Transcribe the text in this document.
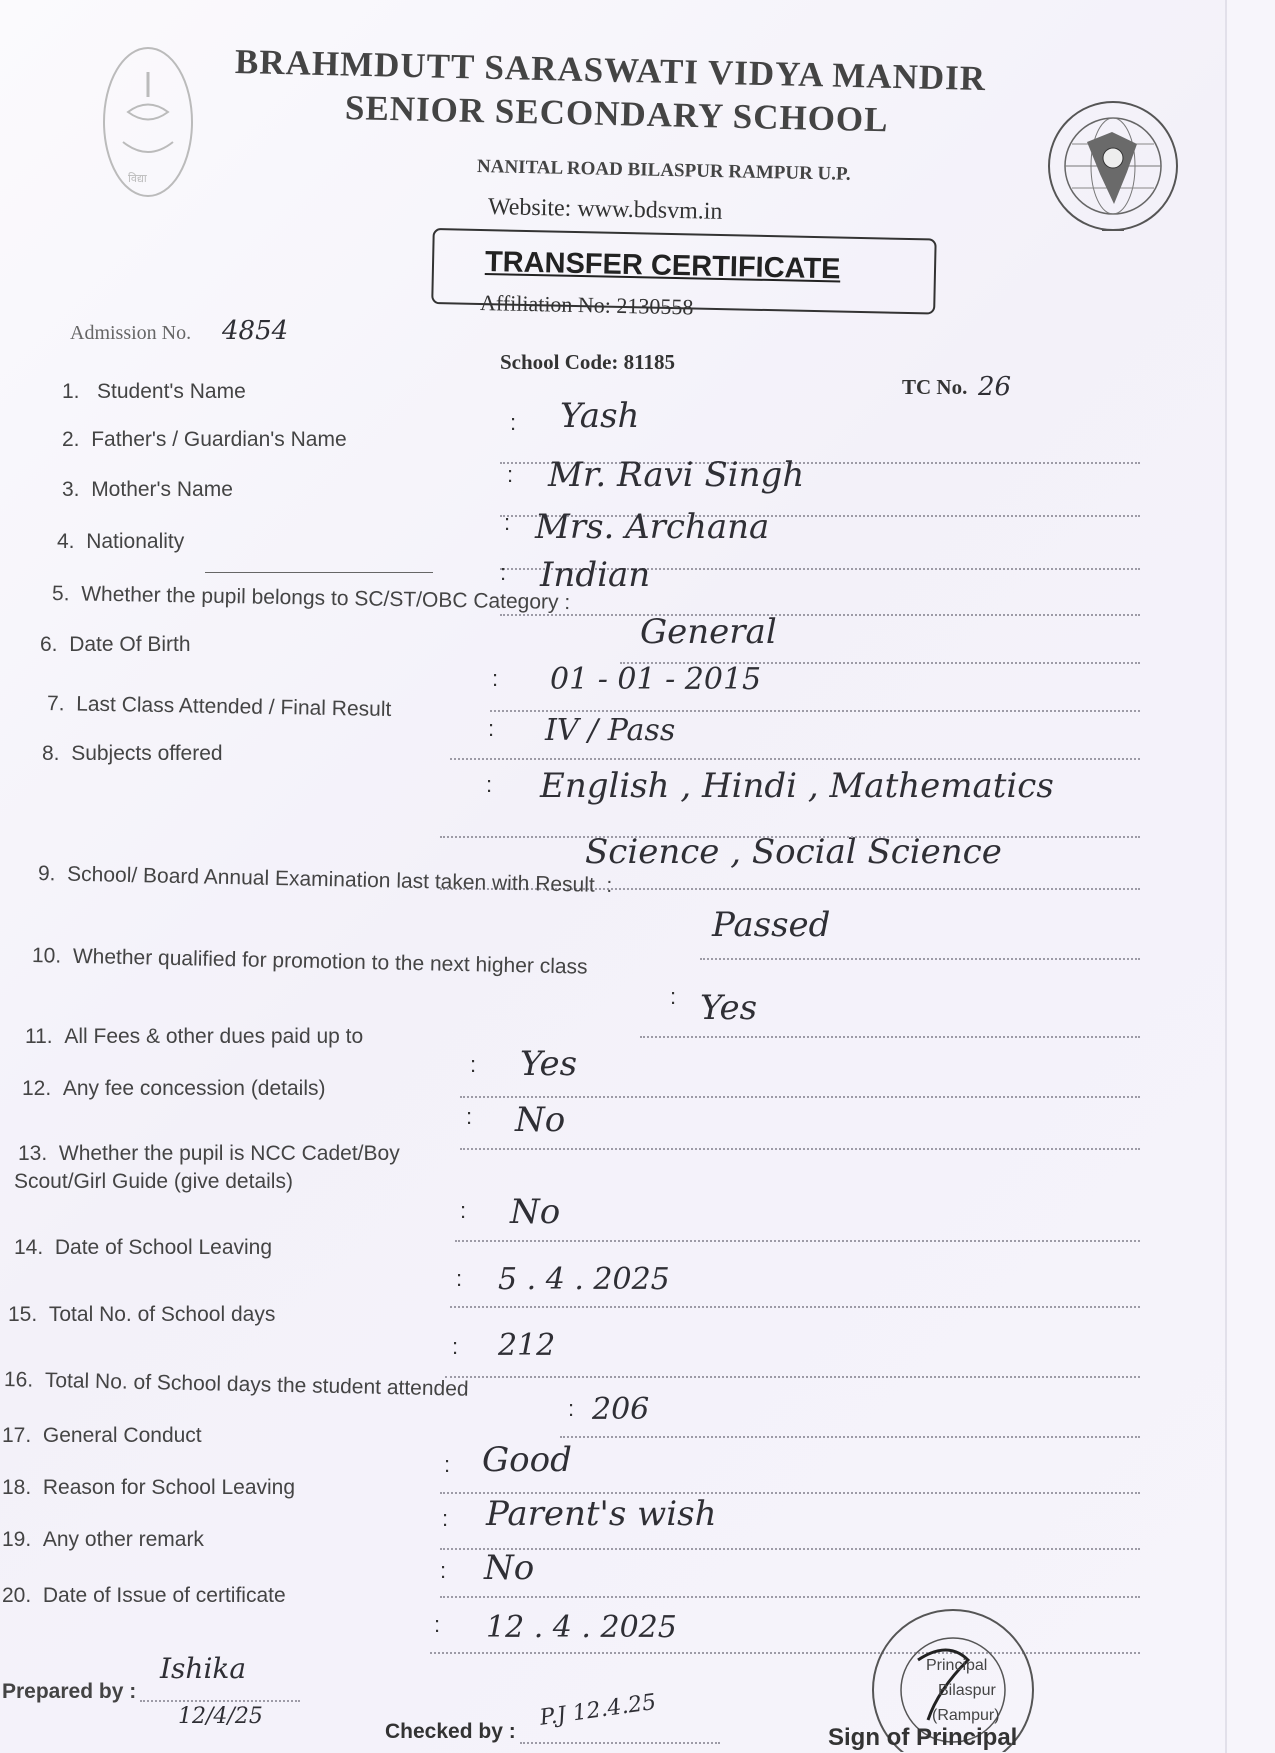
विद्या
BRAHMDUTT SARASWATI VIDYA MANDIR
SENIOR SECONDARY SCHOOL
NANITAL ROAD BILASPUR RAMPUR U.P.
Website: www.bdsvm.in
TRANSFER CERTIFICATE
Affiliation No: 2130558
Admission No. 4854
School Code: 81185
TC No. 26
1. Student's Name
: Yash
2. Father's / Guardian's Name
: Mr. Ravi Singh
3. Mother's Name
: Mrs. Archana
4. Nationality
: Indian
5. Whether the pupil belongs to SC/ST/OBC Category :
General
6. Date Of Birth
: 01 - 01 - 2015
7. Last Class Attended / Final Result
: IV / Pass
8. Subjects offered
: English , Hindi , Mathematics
Science , Social Science
9. School/ Board Annual Examination last taken with Result  :
Passed
10. Whether qualified for promotion to the next higher class
: Yes
11. All Fees & other dues paid up to
: Yes
12. Any fee concession (details)
: No
13. Whether the pupil is NCC Cadet/Boy
Scout/Girl Guide (give details)
: No
14. Date of School Leaving
: 5 . 4 . 2025
15. Total No. of School days
: 212
16. Total No. of School days the student attended
: 206
17. General Conduct
: Good
18. Reason for School Leaving
: Parent's wish
19. Any other remark
: No
20. Date of Issue of certificate
: 12 . 4 . 2025
Prepared by :
Ishika
12/4/25
Checked by :
P.J 12.4.25
Principal
Bilaspur
(Rampur)
Sign of Principal
